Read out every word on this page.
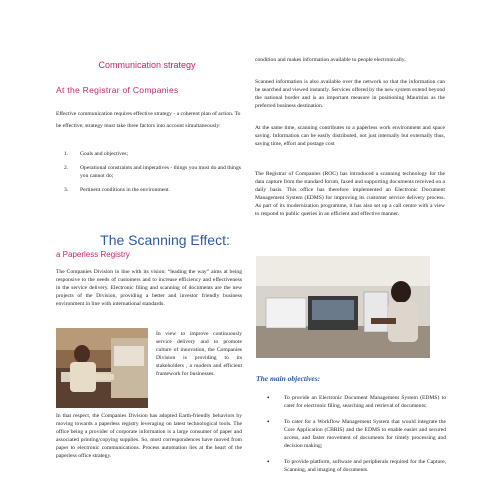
Communication strategy
At the Registrar of Companies
Effective communication requires effective strategy - a coherent plan of action. To be effective; strategy must take three factors into account simultaneously:
1. Goals and objectives;
2. Operational constraints and imperatives - things you must do and things you cannot do;
3. Pertinent conditions in the environment.
The Scanning Effect:
a Paperless Registry
The Companies Division in line with its vision: “leading the way” aims at being responsive to the needs of customers and to increase efficiency and effectiveness in the service delivery. Electronic filing and scanning of documents are the new projects of the Division, providing a better and investor friendly business environment in line with international standards.
In view to improve continuously service delivery and to promote culture of innovation, the Companies Division is providing to its stakeholders , a modern and efficient framework for businesses.
In that respect, the Companies Division has adopted Earth-friendly behaviors by moving towards a paperless registry leveraging on latest technological tools. The office being a provider of corporate information is a large consumer of paper and associated printing/copying supplies. So, most correspondences have moved from paper to electronic communications. Process automation lies at the heart of the paperless office strategy.
condition and makes information available to people electronically.
Scanned information is also available over the network so that the information can be searched and viewed instantly. Services offered by the new system extend beyond the national border and is an important measure in positioning Mauritius as the preferred business destination.
At the same time, scanning contributes to a paperless work environment and space saving. Information can be easily distributed, not just internally but externally thus, saving time, effort and postage cost
The Registrar of Companies (ROC) has introduced a scanning technology for the data capture from the standard forum, faxed and supporting documents received on a daily basis. This office has therefore implemented an Electronic Document Management System (EDMS) for improving its customer service delivery process. As part of its modernization programme, it has also set up a call centre with a view to respond to public queries in an efficient and effective manner.
The main objectives:
•	To provide an Electronic Document Management System (EDMS) to cater for electronic filing, searching and retrieval of documents;
•	To cater for a Workflow Management System that would integrate the Core Application (CBRIS) and the EDMS to enable easier and secured access, and faster movement of documents for timely processing and decision making;
•	To provide platform, software and peripherals required for the Capture, Scanning, and imaging of documents.
